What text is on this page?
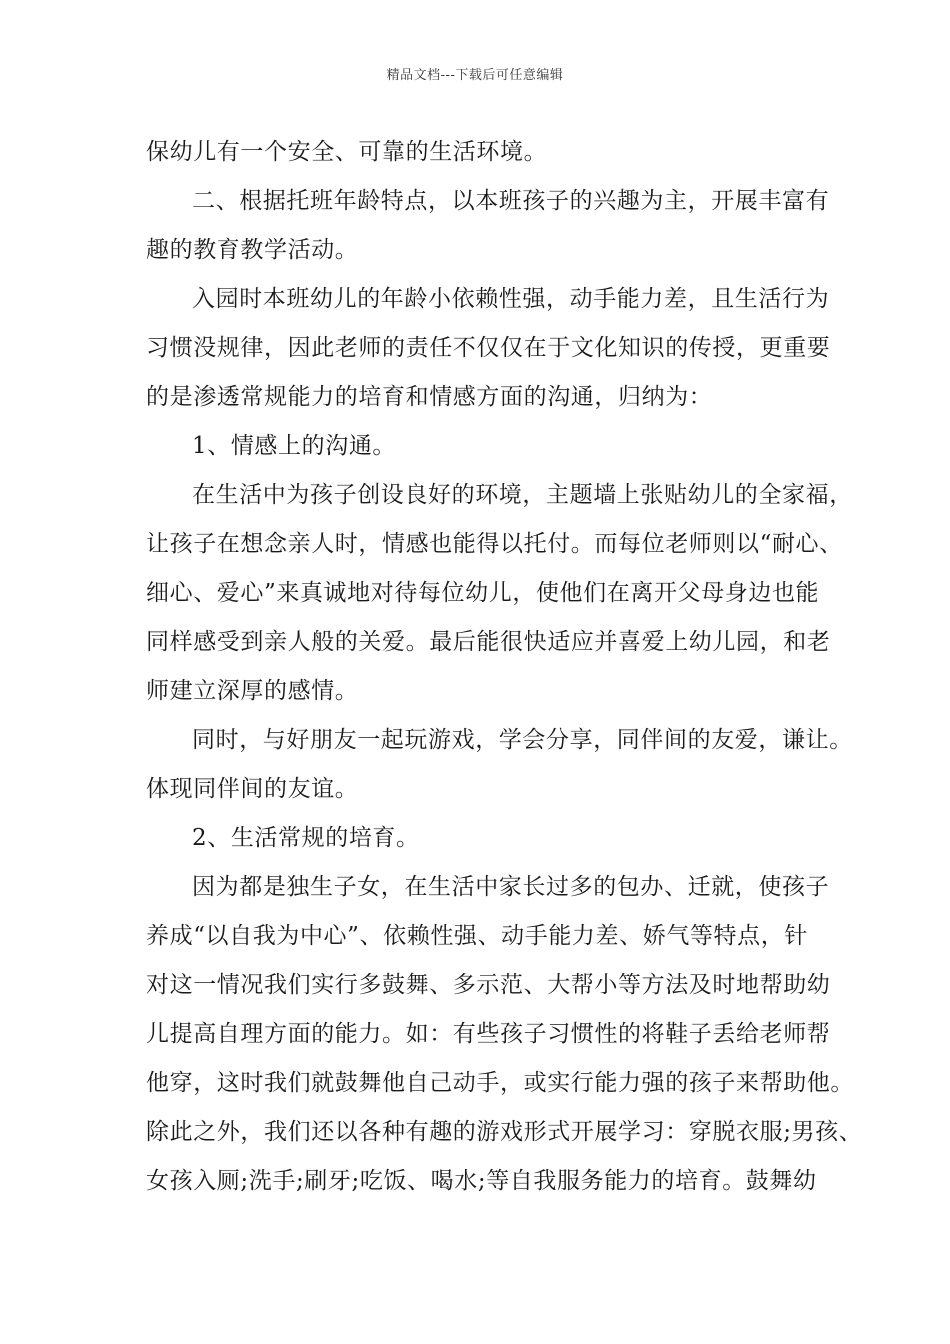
精品文档---下载后可任意编辑
保幼儿有一个安全、可靠的生活环境。
二、根据托班年龄特点，以本班孩子的兴趣为主，开展丰富有
趣的教育教学活动。
入园时本班幼儿的年龄小依赖性强，动手能力差，且生活行为
习惯没规律，因此老师的责任不仅仅在于文化知识的传授，更重要
的是渗透常规能力的培育和情感方面的沟通，归纳为：
1、情感上的沟通。
在生活中为孩子创设良好的环境，主题墙上张贴幼儿的全家福，
让孩子在想念亲人时，情感也能得以托付。而每位老师则以“耐心、
细心、爱心”来真诚地对待每位幼儿，使他们在离开父母身边也能
同样感受到亲人般的关爱。最后能很快适应并喜爱上幼儿园，和老
师建立深厚的感情。
同时，与好朋友一起玩游戏，学会分享，同伴间的友爱，谦让。
体现同伴间的友谊。
2、生活常规的培育。
因为都是独生子女，在生活中家长过多的包办、迁就，使孩子
养成“以自我为中心”、依赖性强、动手能力差、娇气等特点，针
对这一情况我们实行多鼓舞、多示范、大帮小等方法及时地帮助幼
儿提高自理方面的能力。如：有些孩子习惯性的将鞋子丢给老师帮
他穿，这时我们就鼓舞他自己动手，或实行能力强的孩子来帮助他。
除此之外，我们还以各种有趣的游戏形式开展学习：穿脱衣服;男孩、
女孩入厕;洗手;刷牙;吃饭、喝水;等自我服务能力的培育。鼓舞幼
